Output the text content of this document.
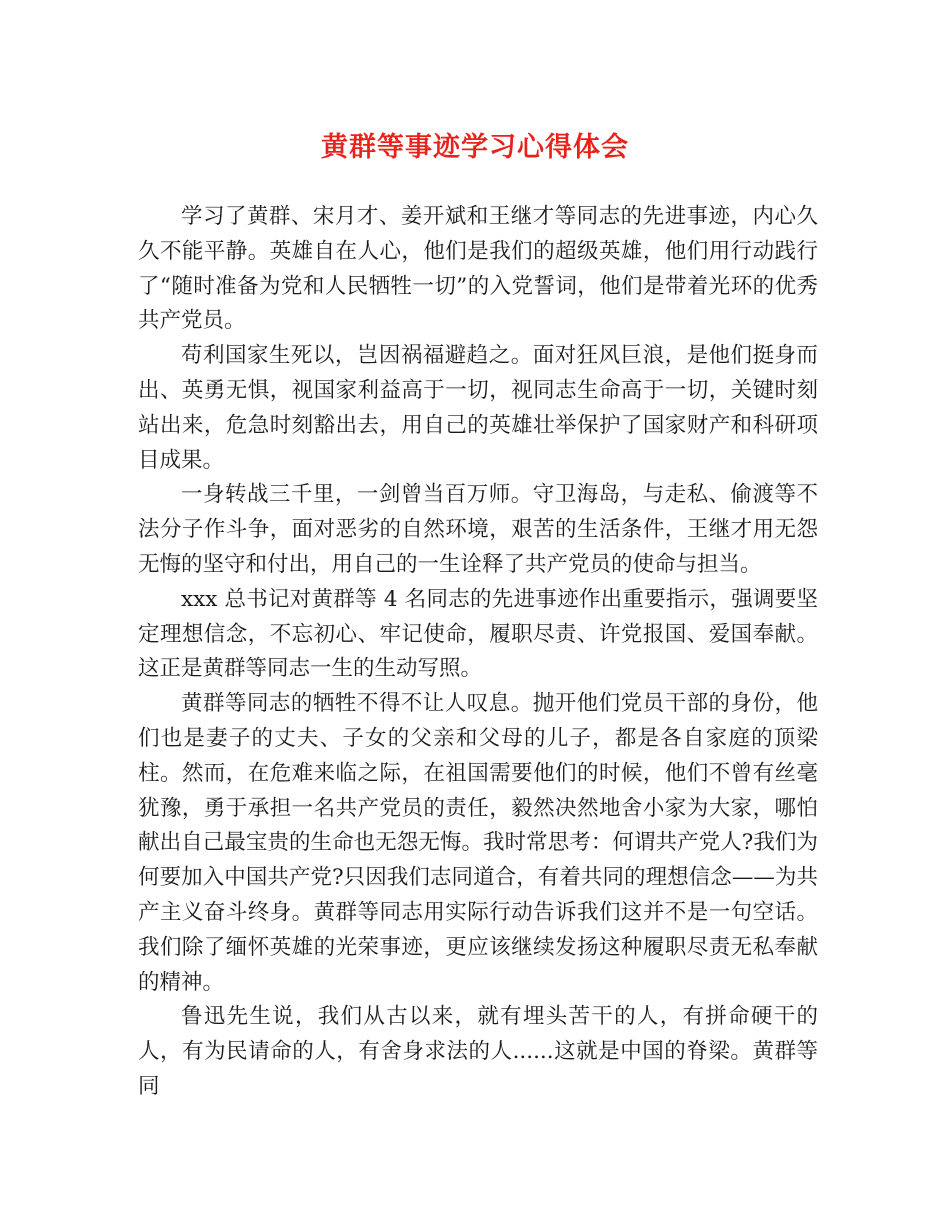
黄群等事迹学习心得体会

学习了黄群、宋月才、姜开斌和王继才等同志的先进事迹，内心久久不能平静。英雄自在人心，他们是我们的超级英雄，他们用行动践行了“随时准备为党和人民牺牲一切”的入党誓词，他们是带着光环的优秀共产党员。

苟利国家生死以，岂因祸福避趋之。面对狂风巨浪，是他们挺身而出、英勇无惧，视国家利益高于一切，视同志生命高于一切，关键时刻站出来，危急时刻豁出去，用自己的英雄壮举保护了国家财产和科研项目成果。

一身转战三千里，一剑曾当百万师。守卫海岛，与走私、偷渡等不法分子作斗争，面对恶劣的自然环境，艰苦的生活条件，王继才用无怨无悔的坚守和付出，用自己的一生诠释了共产党员的使命与担当。

xxx 总书记对黄群等 4 名同志的先进事迹作出重要指示，强调要坚定理想信念，不忘初心、牢记使命，履职尽责、许党报国、爱国奉献。这正是黄群等同志一生的生动写照。

黄群等同志的牺牲不得不让人叹息。抛开他们党员干部的身份，他们也是妻子的丈夫、子女的父亲和父母的儿子，都是各自家庭的顶梁柱。然而，在危难来临之际，在祖国需要他们的时候，他们不曾有丝毫犹豫，勇于承担一名共产党员的责任，毅然决然地舍小家为大家，哪怕献出自己最宝贵的生命也无怨无悔。我时常思考：何谓共产党人?我们为何要加入中国共产党?只因我们志同道合，有着共同的理想信念——为共产主义奋斗终身。黄群等同志用实际行动告诉我们这并不是一句空话。我们除了缅怀英雄的光荣事迹，更应该继续发扬这种履职尽责无私奉献的精神。

鲁迅先生说，我们从古以来，就有埋头苦干的人，有拼命硬干的人，有为民请命的人，有舍身求法的人......这就是中国的脊梁。黄群等同
